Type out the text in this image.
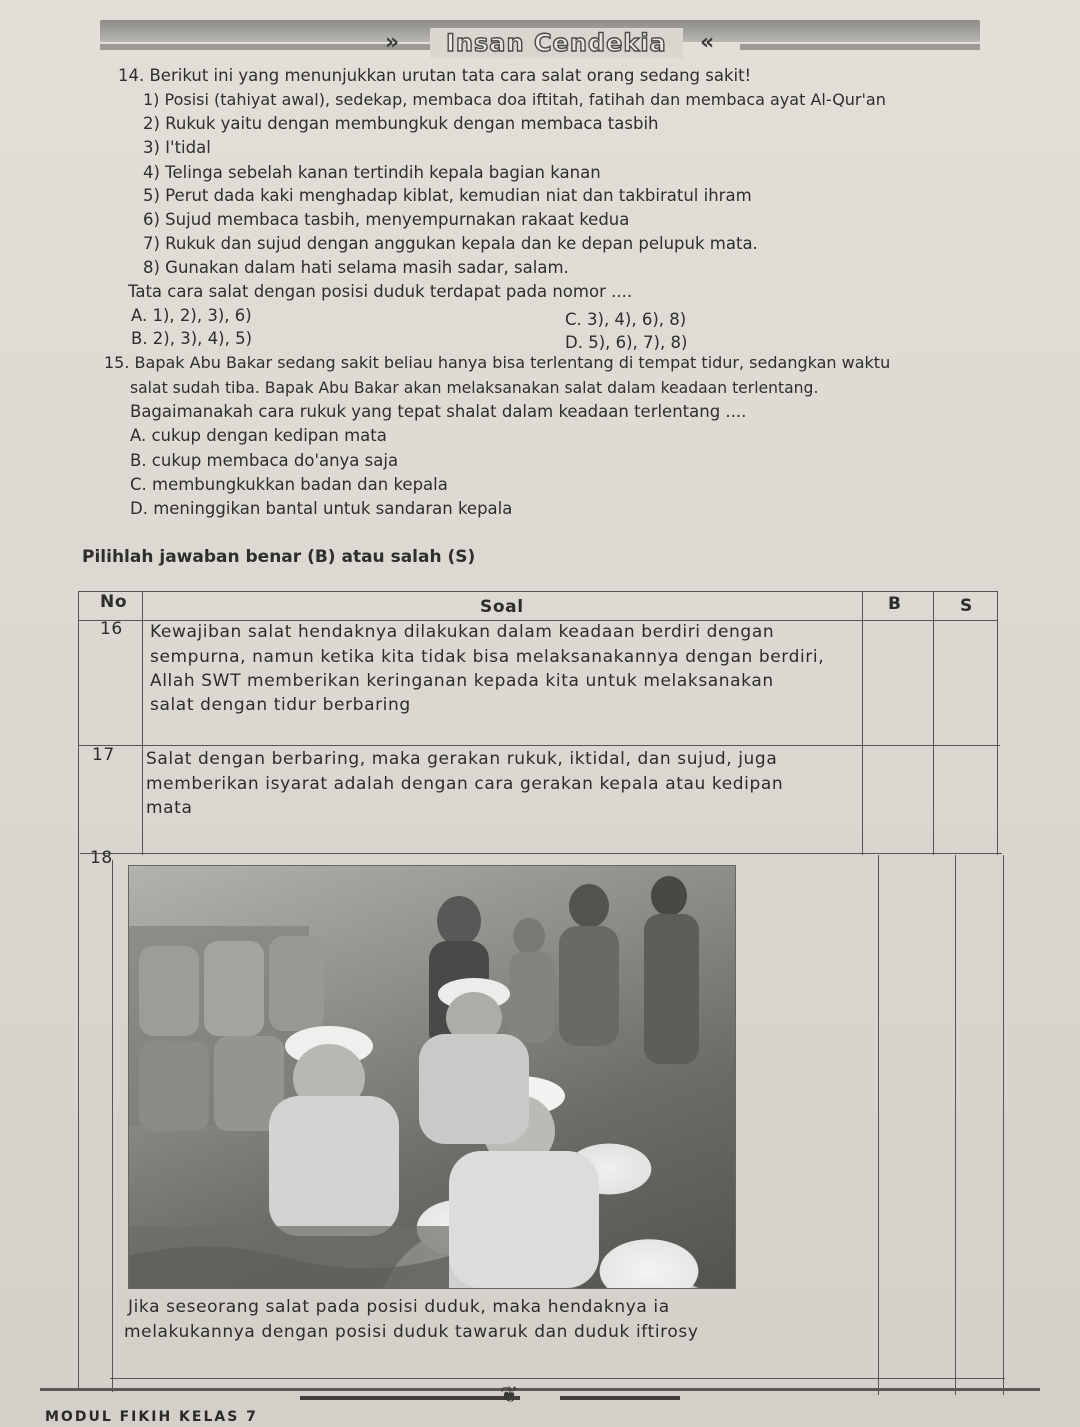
»	Insan Cendekia	«
14. Berikut ini yang menunjukkan urutan tata cara salat orang sedang sakit!
1) Posisi (tahiyat awal), sedekap, membaca doa iftitah, fatihah dan membaca ayat Al-Qur'an
2) Rukuk yaitu dengan membungkuk dengan membaca tasbih
3) I'tidal
4) Telinga sebelah kanan tertindih kepala bagian kanan
5) Perut dada kaki menghadap kiblat, kemudian niat dan takbiratul ihram
6) Sujud membaca tasbih, menyempurnakan rakaat kedua
7) Rukuk dan sujud dengan anggukan kepala dan ke depan pelupuk mata.
8) Gunakan dalam hati selama masih sadar, salam.
Tata cara salat dengan posisi duduk terdapat pada nomor ....
A. 1), 2), 3), 6)	C. 3), 4), 6), 8)
B. 2), 3), 4), 5)	D. 5), 6), 7), 8)
15. Bapak Abu Bakar sedang sakit beliau hanya bisa terlentang di tempat tidur, sedangkan waktu
salat sudah tiba. Bapak Abu Bakar akan melaksanakan salat dalam keadaan terlentang.
Bagaimanakah cara rukuk yang tepat shalat dalam keadaan terlentang ....
A. cukup dengan kedipan mata
B. cukup membaca do'anya saja
C. membungkukkan badan dan kepala
D. meninggikan bantal untuk sandaran kepala
Pilihlah jawaban benar (B) atau salah (S)
No	Soal	B	S
16 Kewajiban salat hendaknya dilakukan dalam keadaan berdiri dengan
sempurna, namun ketika kita tidak bisa melaksanakannya dengan berdiri,
Allah SWT memberikan keringanan kepada kita untuk melaksanakan
salat dengan tidur berbaring
17 Salat dengan berbaring, maka gerakan rukuk, iktidal, dan sujud, juga
memberikan isyarat adalah dengan cara gerakan kepala atau kedipan
mata
18
Jika seseorang salat pada posisi duduk, maka hendaknya ia
melakukannya dengan posisi duduk tawaruk dan duduk iftirosy
❦
MODUL FIKIH KELAS 7
